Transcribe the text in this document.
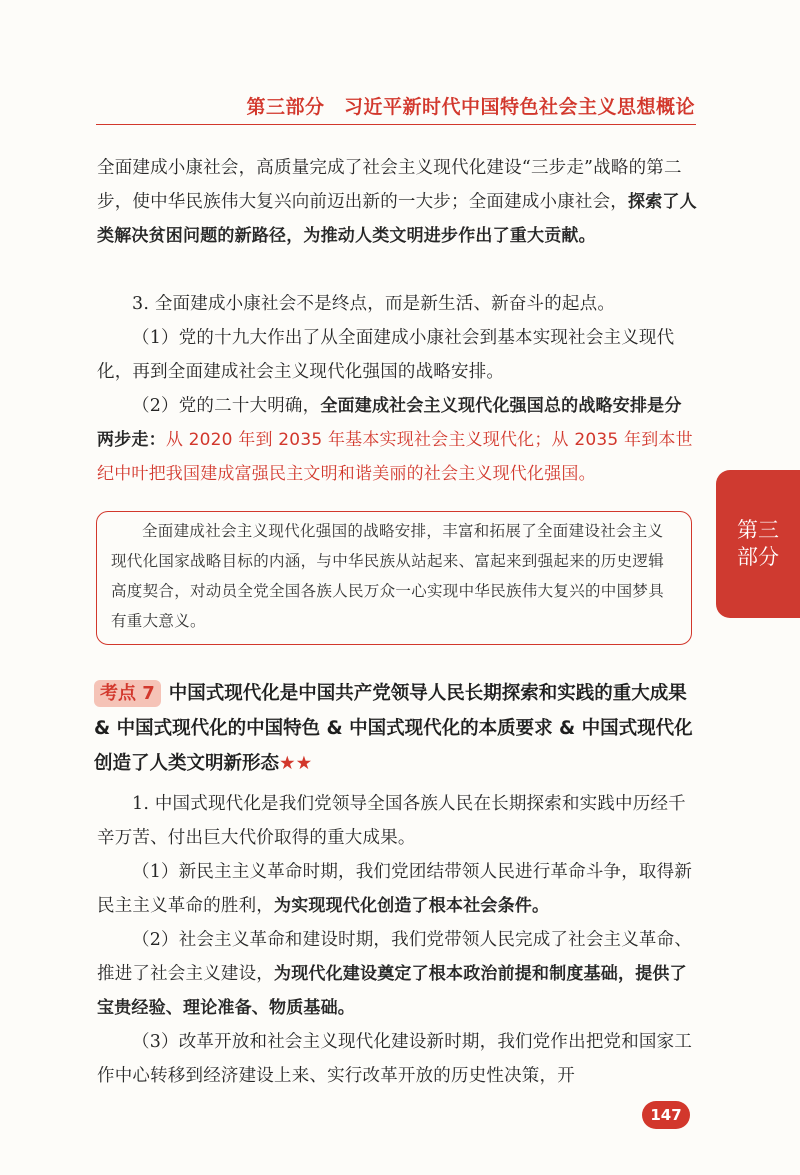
第三部分　习近平新时代中国特色社会主义思想概论
第三部分
全面建成小康社会，高质量完成了社会主义现代化建设“三步走”战略的第二步，使中华民族伟大复兴向前迈出新的一大步；全面建成小康社会，探索了人类解决贫困问题的新路径，为推动人类文明进步作出了重大贡献。
3. 全面建成小康社会不是终点，而是新生活、新奋斗的起点。
（1）党的十九大作出了从全面建成小康社会到基本实现社会主义现代化，再到全面建成社会主义现代化强国的战略安排。
（2）党的二十大明确，全面建成社会主义现代化强国总的战略安排是分两步走：从 2020 年到 2035 年基本实现社会主义现代化；从 2035 年到本世纪中叶把我国建成富强民主文明和谐美丽的社会主义现代化强国。
全面建成社会主义现代化强国的战略安排，丰富和拓展了全面建设社会主义现代化国家战略目标的内涵，与中华民族从站起来、富起来到强起来的历史逻辑高度契合，对动员全党全国各族人民万众一心实现中华民族伟大复兴的中国梦具有重大意义。
考点 7 中国式现代化是中国共产党领导人民长期探索和实践的重大成果 & 中国式现代化的中国特色 & 中国式现代化的本质要求 & 中国式现代化创造了人类文明新形态★★
1. 中国式现代化是我们党领导全国各族人民在长期探索和实践中历经千辛万苦、付出巨大代价取得的重大成果。
（1）新民主主义革命时期，我们党团结带领人民进行革命斗争，取得新民主主义革命的胜利，为实现现代化创造了根本社会条件。
（2）社会主义革命和建设时期，我们党带领人民完成了社会主义革命、推进了社会主义建设，为现代化建设奠定了根本政治前提和制度基础，提供了宝贵经验、理论准备、物质基础。
（3）改革开放和社会主义现代化建设新时期，我们党作出把党和国家工作中心转移到经济建设上来、实行改革开放的历史性决策，开
147
